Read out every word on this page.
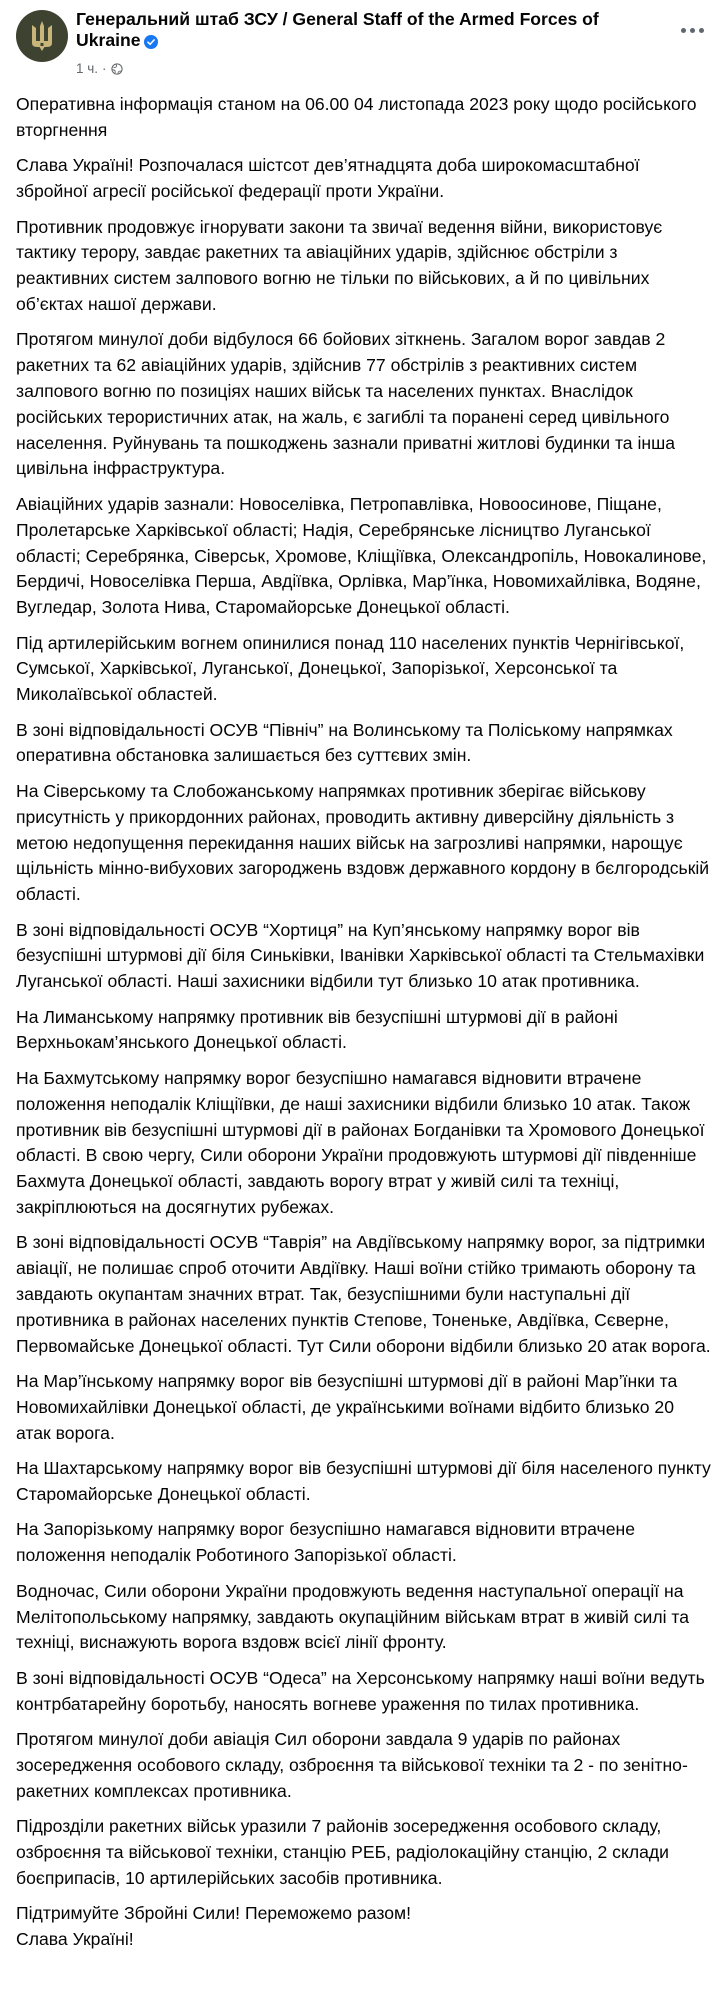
Генеральний штаб ЗСУ / General Staff of the Armed Forces of Ukraine
1 ч. ·

Оперативна інформація станом на 06.00 04 листопада 2023 року щодо російського вторгнення

Слава Україні! Розпочалася шістсот дев’ятнадцята доба широкомасштабної збройної агресії російської федерації проти України.

Противник продовжує ігнорувати закони та звичаї ведення війни, використовує тактику терору, завдає ракетних та авіаційних ударів, здійснює обстріли з реактивних систем залпового вогню не тільки по військових, а й по цивільних об’єктах нашої держави.

Протягом минулої доби відбулося 66 бойових зіткнень. Загалом ворог завдав 2 ракетних та 62 авіаційних ударів, здійснив 77 обстрілів з реактивних систем залпового вогню по позиціях наших військ та населених пунктах. Внаслідок російських терористичних атак, на жаль, є загиблі та поранені серед цивільного населення. Руйнувань та пошкоджень зазнали приватні житлові будинки та інша цивільна інфраструктура.

Авіаційних ударів зазнали: Новоселівка, Петропавлівка, Новоосинове, Піщане, Пролетарське Харківської області; Надія, Серебрянське лісництво Луганської області; Серебрянка, Сіверськ, Хромове, Кліщіївка, Олександропіль, Новокалинове, Бердичі, Новоселівка Перша, Авдіївка, Орлівка, Мар’їнка, Новомихайлівка, Водяне, Вугледар, Золота Нива, Старомайорське Донецької області.

Під артилерійським вогнем опинилися понад 110 населених пунктів Чернігівської, Сумської, Харківської, Луганської, Донецької, Запорізької, Херсонської та Миколаївської областей.

В зоні відповідальності ОСУВ “Північ” на Волинському та Поліському напрямках оперативна обстановка залишається без суттєвих змін.

На Сіверському та Слобожанському напрямках противник зберігає військову присутність у прикордонних районах, проводить активну диверсійну діяльність з метою недопущення перекидання наших військ на загрозливі напрямки, нарощує щільність мінно-вибухових загороджень вздовж державного кордону в бєлгородській області.

В зоні відповідальності ОСУВ “Хортиця” на Куп’янському напрямку ворог вів безуспішні штурмові дії біля Синьківки, Іванівки Харківської області та Стельмахівки Луганської області. Наші захисники відбили тут близько 10 атак противника.

На Лиманському напрямку противник вів безуспішні штурмові дії в районі Верхньокам’янського Донецької області.

На Бахмутському напрямку ворог безуспішно намагався відновити втрачене положення неподалік Кліщіївки, де наші захисники відбили близько 10 атак. Також противник вів безуспішні штурмові дії в районах Богданівки та Хромового Донецької області. В свою чергу, Сили оборони України продовжують штурмові дії південніше Бахмута Донецької області, завдають ворогу втрат у живій силі та техніці, закріплюються на досягнутих рубежах.

В зоні відповідальності ОСУВ “Таврія” на Авдіївському напрямку ворог, за підтримки авіації, не полишає спроб оточити Авдіївку. Наші воїни стійко тримають оборону та завдають окупантам значних втрат. Так, безуспішними були наступальні дії противника в районах населених пунктів Степове, Тоненьке, Авдіївка, Сєверне, Первомайське Донецької області. Тут Сили оборони відбили близько 20 атак ворога.

На Мар’їнському напрямку ворог вів безуспішні штурмові дії в районі Мар’їнки та Новомихайлівки Донецької області, де українськими воїнами відбито близько 20 атак ворога.

На Шахтарському напрямку ворог вів безуспішні штурмові дії біля населеного пункту Старомайорське Донецької області.

На Запорізькому напрямку ворог безуспішно намагався відновити втрачене положення неподалік Роботиного Запорізької області.

Водночас, Сили оборони України продовжують ведення наступальної операції на Мелітопольському напрямку, завдають окупаційним військам втрат в живій силі та техніці, виснажують ворога вздовж всієї лінії фронту.

В зоні відповідальності ОСУВ “Одеса” на Херсонському напрямку наші воїни ведуть контрбатарейну боротьбу, наносять вогневе ураження по тилах противника.

Протягом минулої доби авіація Сил оборони завдала 9 ударів по районах зосередження особового складу, озброєння та військової техніки та 2 - по зенітно-ракетних комплексах противника.

Підрозділи ракетних військ уразили 7 районів зосередження особового складу, озброєння та військової техніки, станцію РЕБ, радіолокаційну станцію, 2 склади боєприпасів, 10 артилерійських засобів противника.

Підтримуйте Збройні Сили! Переможемо разом!
Слава Україні!
